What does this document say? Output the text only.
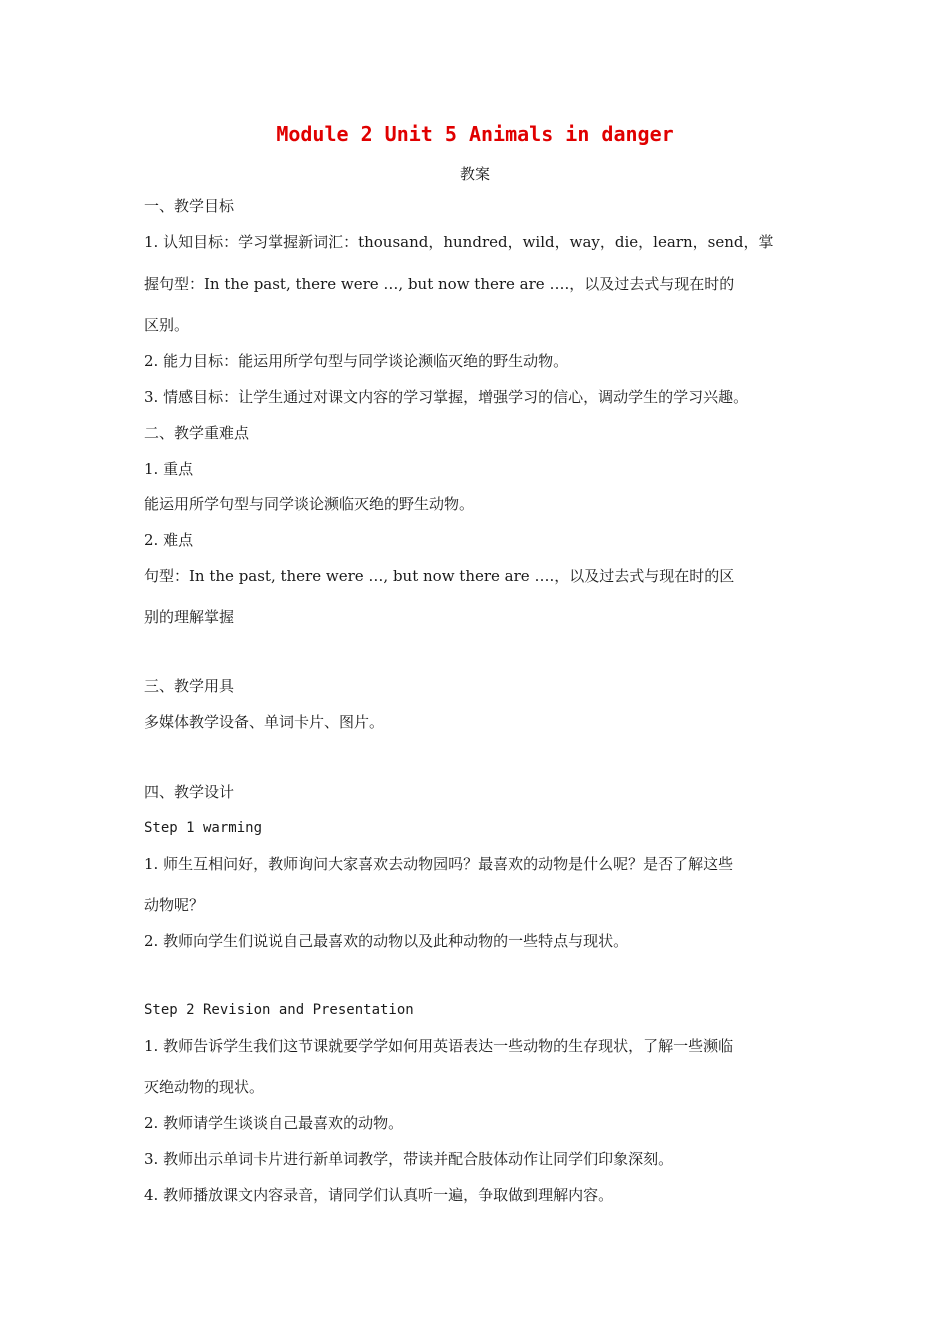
Module 2 Unit 5 Animals in danger
教案
一、教学目标
1. 认知目标：学习掌握新词汇：thousand，hundred，wild，way，die，learn，send，掌
握句型：In the past, there were …, but now there are ….，以及过去式与现在时的
区别。
2. 能力目标：能运用所学句型与同学谈论濒临灭绝的野生动物。
3. 情感目标：让学生通过对课文内容的学习掌握，增强学习的信心，调动学生的学习兴趣。
二、教学重难点
1. 重点
能运用所学句型与同学谈论濒临灭绝的野生动物。
2. 难点
句型：In the past, there were …, but now there are ….，以及过去式与现在时的区
别的理解掌握
三、教学用具
多媒体教学设备、单词卡片、图片。
四、教学设计
Step 1 warming
1. 师生互相问好，教师询问大家喜欢去动物园吗？最喜欢的动物是什么呢？是否了解这些
动物呢？
2. 教师向学生们说说自己最喜欢的动物以及此种动物的一些特点与现状。
Step 2 Revision and Presentation
1. 教师告诉学生我们这节课就要学学如何用英语表达一些动物的生存现状，了解一些濒临
灭绝动物的现状。
2. 教师请学生谈谈自己最喜欢的动物。
3. 教师出示单词卡片进行新单词教学，带读并配合肢体动作让同学们印象深刻。
4. 教师播放课文内容录音，请同学们认真听一遍，争取做到理解内容。
